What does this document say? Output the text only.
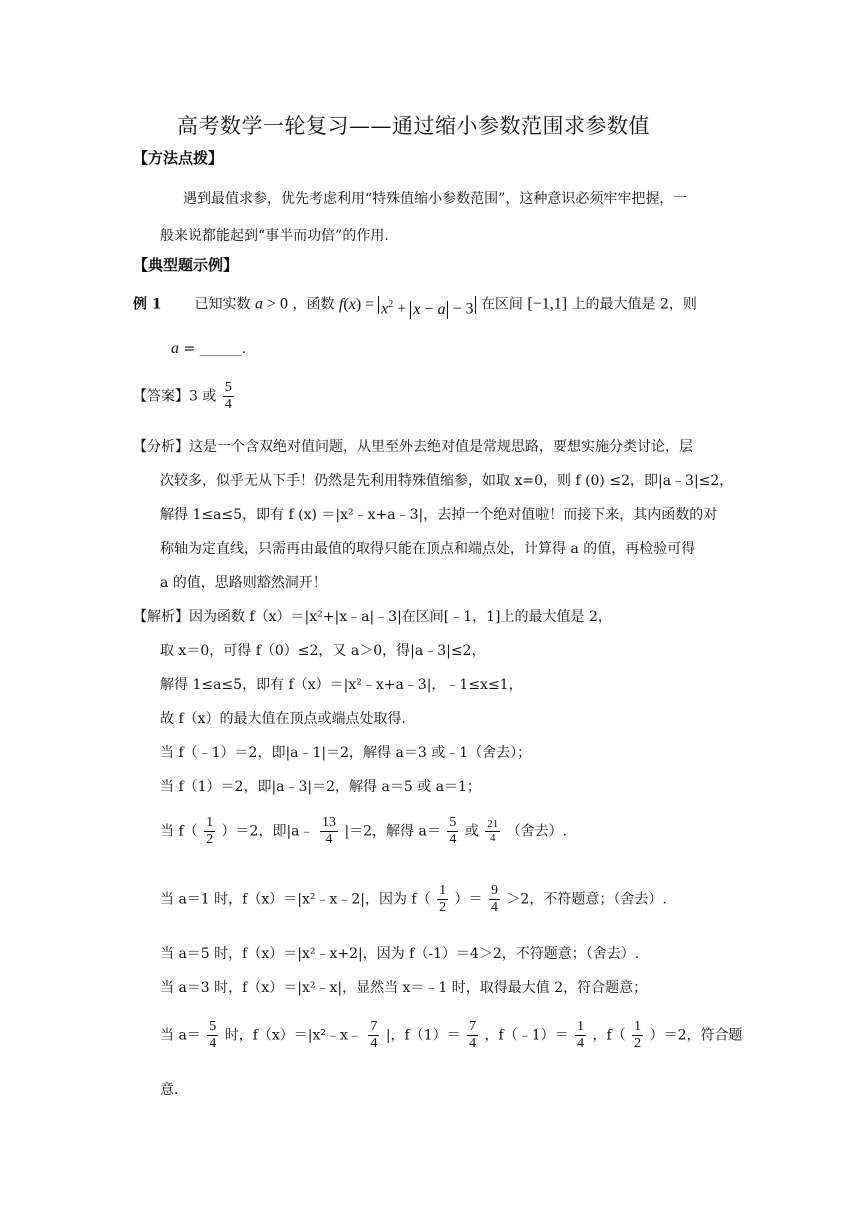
高考数学一轮复习——通过缩小参数范围求参数值
【方法点拨】
遇到最值求参，优先考虑利用“特殊值缩小参数范围”，这种意识必须牢牢把握，一
般来说都能起到“事半而功倍”的作用.
【典型题示例】
例 1 已知实数 a > 0 ，函数 $f(x) = x^2 + x - a - 3$ 在区间 [−1,1] 上的最大值是 2，则
a = ______.
【答案】3 或 $\frac{5}{4}$
【分析】这是一个含双绝对值问题，从里至外去绝对值是常规思路，要想实施分类讨论，层
次较多，似乎无从下手！仍然是先利用特殊值缩参，如取 x=0，则 f (0) ≤2，即|a﹣3|≤2，
解得 1≤a≤5，即有 f (x) ＝|x²﹣x+a﹣3|，去掉一个绝对值啦！而接下来，其内函数的对
称轴为定直线，只需再由最值的取得只能在顶点和端点处，计算得 a 的值，再检验可得
a 的值，思路则豁然洞开！
【解析】因为函数 f（x）＝|x²+|x﹣a|﹣3|在区间[﹣1，1]上的最大值是 2，
取 x＝0，可得 f（0）≤2，又 a＞0，得|a﹣3|≤2，
解得 1≤a≤5，即有 f（x）＝|x²﹣x+a﹣3|，﹣1≤x≤1，
故 f（x）的最大值在顶点或端点处取得.
当 f（﹣1）＝2，即|a﹣1|＝2，解得 a＝3 或﹣1（舍去）；
当 f（1）＝2，即|a﹣3|＝2，解得 a＝5 或 a＝1；
当 $f( \frac{1}{2} )=2$，即|a﹣ $\frac{13}{4} |=2$，解得 $a= \frac{5}{4}$ 或 $\frac{21}{4}$ （舍去）.
当 a＝1 时，f（x）＝|x²﹣x﹣2|，因为 $f( \frac{1}{2}$ ）＝ $\frac{9}{4} >2$，不符题意；（舍去）.
当 a＝5 时，f（x）＝|x²﹣x+2|，因为 f（-1）＝4＞2，不符题意；（舍去）.
当 a＝3 时，f（x）＝|x²﹣x|，显然当 x＝﹣1 时，取得最大值 2，符合题意；
当 $a= \frac{5}{4}$ 时，f（x）＝|x²﹣x﹣ $\frac{7}{4}$ |，$f(1)= \frac{7}{4}$ ，f（﹣1）＝ $\frac{1}{4}$ ，$f( \frac{1}{2} )=2$，符合题
意.
